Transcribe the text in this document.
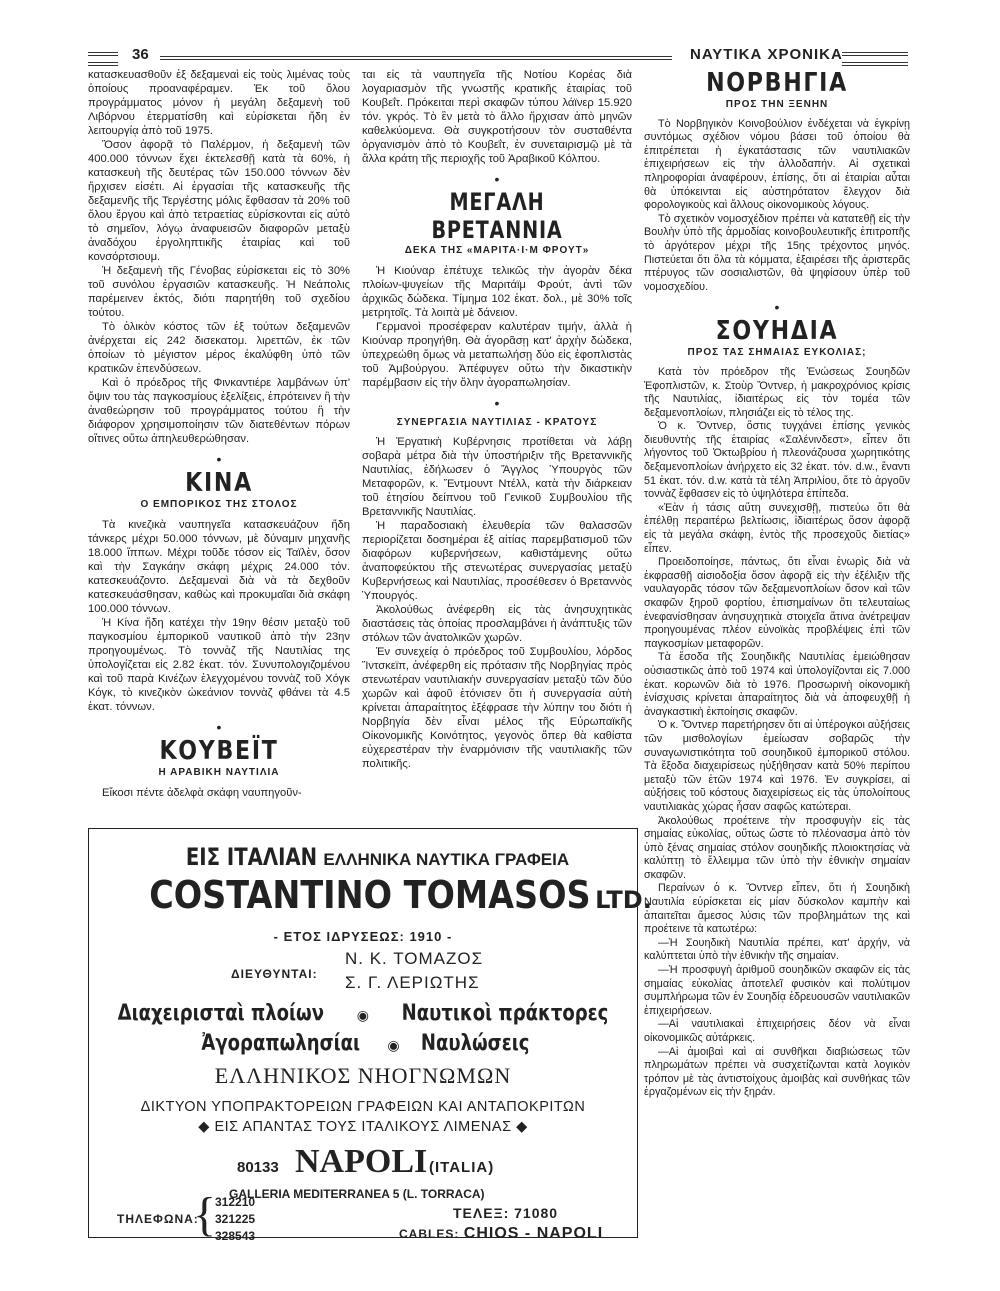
36	ΝΑΥΤΙΚΑ ΧΡΟΝΙΚΑ

κατασκευασθοῦν ἐξ δεξαμεναὶ εἰς τοὺς λιμένας τοὺς ὁποίους προαναφέραμεν. Ἐκ τοῦ ὅλου προγράμματος μόνον ἡ μεγάλη δεξαμενὴ τοῦ Λιβόρνου ἐτερματίσθη καὶ εὑρίσκεται ἤδη ἐν λειτουργίᾳ ἀπὸ τοῦ 1975.

Ὅσον ἀφορᾷ τὸ Παλέρμον, ἡ δεξαμενὴ τῶν 400.000 τόννων ἔχει ἐκτελεσθῇ κατὰ τὰ 60%, ἡ κατασκευὴ τῆς δευτέρας τῶν 150.000 τόννων δὲν ἤρχισεν εἰσέτι. Αἱ ἐργασίαι τῆς κατασκευῆς τῆς δεξαμενῆς τῆς Τεργέστης μόλις ἔφθασαν τὰ 20% τοῦ ὅλου ἔργου καὶ ἀπὸ τετραετίας εὑρίσκονται εἰς αὐτὸ τὸ σημεῖον, λόγῳ ἀναφυεισῶν διαφορῶν μεταξὺ ἀναδόχου ἐργοληπτικῆς ἑταιρίας καὶ τοῦ κονσόρτσιουμ.

Ἡ δεξαμενὴ τῆς Γένοβας εὑρίσκεται εἰς τὸ 30% τοῦ συνόλου ἐργασιῶν κατασκευῆς. Ἡ Νεάπολις παρέμεινεν ἐκτός, διότι παρητήθη τοῦ σχεδίου τούτου.

Τὸ ὁλικὸν κόστος τῶν ἐξ τούτων δεξαμενῶν ἀνέρχεται εἰς 242 δισεκατομ. λιρεττῶν, ἐκ τῶν ὁποίων τὸ μέγιστον μέρος ἐκαλύφθη ὑπὸ τῶν κρατικῶν ἐπενδύσεων.

Καὶ ὁ πρόεδρος τῆς Φινκαντιέρε λαμβάνων ὑπ' ὄψιν του τὰς παγκοσμίους ἐξελίξεις, ἐπρότεινεν ἢ τὴν ἀναθεώρησιν τοῦ προγράμματος τούτου ἢ τὴν διάφορον χρησιμοποίησιν τῶν διατεθέντων πόρων οἵτινες οὕτω ἀπηλευθερώθησαν.

•
ΚΙΝΑ
Ο ΕΜΠΟΡΙΚΟΣ ΤΗΣ ΣΤΟΛΟΣ

Τὰ κινεζικὰ ναυπηγεῖα κατασκευάζουν ἤδη τάνκερς μέχρι 50.000 τόννων, μὲ δύναμιν μηχανῆς 18.000 ἵππων. Μέχρι τοῦδε τόσον εἰς Ταϊλὲν, ὅσον καὶ τὴν Σαγκάην σκάφη μέχρις 24.000 τόν. κατεσκευάζοντο. Δεξαμεναὶ διὰ νὰ τὰ δεχθοῦν κατεσκευάσθησαν, καθὼς καὶ προκυμαῖαι διὰ σκάφη 100.000 τόννων.

Ἡ Κίνα ἤδη κατέχει τὴν 19ην θέσιν μεταξὺ τοῦ παγκοσμίου ἐμπορικοῦ ναυτικοῦ ἀπὸ τὴν 23ην προηγουμένως. Τὸ τοννὰζ τῆς Ναυτιλίας της ὑπολογίζεται εἰς 2.82 ἑκατ. τόν. Συνυπολογιζομένου καὶ τοῦ παρὰ Κινέζων ἐλεγχομένου τοννὰζ τοῦ Χόγκ Κόγκ, τὸ κινεζικὸν ὠκεάνιον τοννὰζ φθάνει τὰ 4.5 ἑκατ. τόννων.

•
ΚΟΥΒΕΪΤ
Η ΑΡΑΒΙΚΗ ΝΑΥΤΙΛΙΑ

Εἴκοσι πέντε ἀδελφὰ σκάφη ναυπηγοῦν-

ται εἰς τὰ ναυπηγεῖα τῆς Νοτίου Κορέας διὰ λογαριασμὸν τῆς γνωστῆς κρατικῆς ἑταιρίας τοῦ Κουβεΐτ. Πρόκειται περὶ σκαφῶν τύπου λάϊνερ 15.920 τόν. γκρός. Τὸ ἓν μετὰ τὸ ἄλλο ἤρχισαν ἀπὸ μηνῶν καθελκύομενα. Θὰ συγκροτήσουν τὸν συσταθέντα ὀργανισμὸν ἀπὸ τὸ Κουβεΐτ, ἐν συνεταιρισμῷ μὲ τὰ ἄλλα κράτη τῆς περιοχῆς τοῦ Ἀραβικοῦ Κόλπου.

•
ΜΕΓΑΛΗ ΒΡΕΤΑΝΝΙΑ
ΔΕΚΑ ΤΗΣ «ΜΑΡΙΤΑ·Ι·Μ ΦΡΟΥΤ»

Ἡ Κιούναρ ἐπέτυχε τελικῶς τὴν ἀγορὰν δέκα πλοίων-ψυγείων τῆς Μαριτάϊμ Φρούτ, ἀντὶ τῶν ἀρχικῶς δώδεκα. Τίμημα 102 ἑκατ. δολ., μὲ 30% τοῖς μετρητοῖς. Τὰ λοιπὰ μὲ δάνειον.

Γερμανοὶ προσέφεραν καλυτέραν τιμήν, ἀλλὰ ἡ Κιούναρ προηγήθη. Θὰ ἀγορᾶσῃ κατ' ἀρχὴν δώδεκα, ὑπεχρεώθη ὅμως νὰ μεταπωλήσῃ δύο εἰς ἐφοπλιστὰς τοῦ Ἀμβούργου. Ἀπέφυγεν οὕτω τὴν δικαστικὴν παρέμβασιν εἰς τὴν ὅλην ἀγοραπωλησίαν.

•
ΣΥΝΕΡΓΑΣΙΑ ΝΑΥΤΙΛΙΑΣ - ΚΡΑΤΟΥΣ

Ἡ Ἐργατικὴ Κυβέρνησις προτίθεται νὰ λάβῃ σοβαρὰ μέτρα διὰ τὴν ὑποστήριξιν τῆς Βρεταννικῆς Ναυτιλίας, ἐδήλωσεν ὁ Ἄγγλος Ὑπουργὸς τῶν Μεταφορῶν, κ. Ἔντμουντ Ντέλλ, κατὰ τὴν διάρκειαν τοῦ ἐτησίου δείπνου τοῦ Γενικοῦ Συμβουλίου τῆς Βρεταννικῆς Ναυτιλίας.

Ἡ παραδοσιακὴ ἐλευθερία τῶν θαλασσῶν περιορίζεται δοσημέραι ἐξ αἰτίας παρεμβατισμοῦ τῶν διαφόρων κυβερνήσεων, καθιστάμενης οὕτω ἀναποφεύκτου τῆς στενωτέρας συνεργασίας μεταξὺ Κυβερνήσεως καὶ Ναυτιλίας, προσέθεσεν ὁ Βρεταννὸς Ὑπουργός.

Ἀκολούθως ἀνέφερθη εἰς τὰς ἀνησυχητικὰς διαστάσεις τὰς ὁποίας προσλαμβάνει ἡ ἀνάπτυξις τῶν στόλων τῶν ἀνατολικῶν χωρῶν.

Ἐν συνεχείᾳ ὁ πρόεδρος τοῦ Συμβουλίου, λόρδος Ἴντσκεϊπ, ἀνέφερθη εἰς πρότασιν τῆς Νορβηγίας πρὸς στενωτέραν ναυτιλιακὴν συνεργασίαν μεταξὺ τῶν δύο χωρῶν καὶ ἀφοῦ ἐτόνισεν ὅτι ἡ συνεργασία αὐτὴ κρίνεται ἀπαραίτητος ἐξέφρασε τὴν λύπην του διότι ἡ Νορβηγία δὲν εἶναι μέλος τῆς Εὐρωπαϊκῆς Οἰκονομικῆς Κοινότητος, γεγονὸς ὅπερ θὰ καθίστα εὐχερεστέραν τὴν ἐναρμόνισιν τῆς ναυτιλιακῆς τῶν πολιτικῆς.

ΝΟΡΒΗΓΙΑ
ΠΡΟΣ ΤΗΝ ΞΕΝΗΝ

Τὸ Νορβηγικὸν Κοινοβούλιον ἐνδέχεται νὰ ἐγκρίνῃ συντόμως σχέδιον νόμου βάσει τοῦ ὁποίου θὰ ἐπιτρέπεται ἡ ἐγκατάστασις τῶν ναυτιλιακῶν ἐπιχειρήσεων εἰς τὴν ἀλλοδαπήν. Αἱ σχετικαὶ πληροφορίαι ἀναφέρουν, ἐπίσης, ὅτι αἱ ἑταιρίαι αὗται θὰ ὑπόκεινται εἰς αὐστηρότατον ἔλεγχον διὰ φορολογικοὺς καὶ ἄλλους οἰκονομικοὺς λόγους.

Τὸ σχετικὸν νομοσχέδιον πρέπει νὰ κατατεθῇ εἰς τὴν Βουλὴν ὑπὸ τῆς ἁρμοδίας κοινοβουλευτικῆς ἐπιτροπῆς τὸ ἀργότερον μέχρι τῆς 15ης τρέχοντος μηνός. Πιστεύεται ὅτι ὅλα τὰ κόμματα, ἐξαιρέσει τῆς ἀριστερᾶς πτέρυγος τῶν σοσιαλιστῶν, θὰ ψηφίσουν ὑπὲρ τοῦ νομοσχεδίου.

•
ΣΟΥΗΔΙΑ
ΠΡΟΣ ΤΑΣ ΣΗΜΑΙΑΣ ΕΥΚΟΛΙΑΣ;

Κατὰ τὸν πρόεδρον τῆς Ἑνώσεως Σουηδῶν Ἐφοπλιστῶν, κ. Στοὺρ Ὄντνερ, ἡ μακροχρόνιος κρίσις τῆς Ναυτιλίας, ἰδιαιτέρως εἰς τὸν τομέα τῶν δεξαμενοπλοίων, πλησιάζει εἰς τὸ τέλος της.

Ὁ κ. Ὄντνερ, ὅστις τυγχάνει ἐπίσης γενικὸς διευθυντὴς τῆς ἑταιρίας «Σαλένινδεστ», εἶπεν ὅτι λήγοντος τοῦ Ὀκτωβρίου ἡ πλεονάζουσα χωρητικότης δεξαμενοπλοίων ἀνήρχετο εἰς 32 ἑκατ. τόν. d.w., ἔναντι 51 ἑκατ. τόν. d.w. κατὰ τὰ τέλη Ἀπριλίου, ὅτε τὸ ἀργοῦν τοννὰζ ἔφθασεν εἰς τὸ ὑψηλότερα ἐπίπεδα.

«Ἐὰν ἡ τάσις αὕτη συνεχισθῇ, πιστεύω ὅτι θὰ ἐπέλθῃ περαιτέρω βελτίωσις, ἰδιαιτέρως ὅσον ἀφορᾷ εἰς τὰ μεγάλα σκάφη, ἐντὸς τῆς προσεχοῦς διετίας» εἶπεν.

Προειδοποίησε, πάντως, ὅτι εἶναι ἐνωρὶς διὰ νὰ ἐκφρασθῇ αἰσιοδοξία ὅσον ἀφορᾷ εἰς τὴν ἐξέλιξιν τῆς ναυλαγορᾶς τόσον τῶν δεξαμενοπλοίων ὅσον καὶ τῶν σκαφῶν ξηροῦ φορτίου, ἐπισημαίνων ὅτι τελευταίως ἐνεφανίσθησαν ἀνησυχητικὰ στοιχεῖα ἅτινα ἀνέτρεψαν προηγουμένας πλέον εὐνοϊκὰς προβλέψεις ἐπὶ τῶν παγκοσμίων μεταφορῶν.

Τὰ ἔσοδα τῆς Σουηδικῆς Ναυτιλίας ἐμειώθησαν οὐσιαστικῶς ἀπὸ τοῦ 1974 καὶ ὑπολογίζονται εἰς 7.000 ἑκατ. κορωνῶν διὰ τὸ 1976. Προσωρινὴ οἰκονομικὴ ἐνίσχυσις κρίνεται ἀπαραίτητος διὰ νὰ ἀποφευχθῇ ἡ ἀναγκαστικὴ ἐκποίησις σκαφῶν.

Ὁ κ. Ὄντνερ παρετήρησεν ὅτι αἱ ὑπέρογκοι αὐξήσεις τῶν μισθολογίων ἐμείωσαν σοβαρῶς τὴν συναγωνιστικότητα τοῦ σουηδικοῦ ἐμπορικοῦ στόλου. Τὰ ἔξοδα διαχειρίσεως ηὐξήθησαν κατὰ 50% περίπου μεταξὺ τῶν ἐτῶν 1974 καὶ 1976. Ἐν συγκρίσει, αἱ αὐξήσεις τοῦ κόστους διαχειρίσεως εἰς τὰς ὑπολοίπους ναυτιλιακὰς χώρας ἦσαν σαφῶς κατώτεραι.

Ἀκολούθως προέτεινε τὴν προσφυγὴν εἰς τὰς σημαίας εὐκολίας, οὕτως ὥστε τὸ πλέονασμα ἀπὸ τὸν ὑπὸ ξένας σημαίας στόλον σουηδικῆς πλοιοκτησίας νὰ καλύπτῃ τὸ ἔλλειμμα τῶν ὑπὸ τὴν ἐθνικὴν σημαίαν σκαφῶν.

Περαίνων ὁ κ. Ὄντνερ εἶπεν, ὅτι ἡ Σουηδικὴ Ναυτιλία εὑρίσκεται εἰς μίαν δύσκολον καμπὴν καὶ ἀπαιτεῖται ἄμεσος λύσις τῶν προβλημάτων της καὶ προέτεινε τὰ κατωτέρω:

—Ἡ Σουηδικὴ Ναυτιλία πρέπει, κατ' ἀρχήν, νὰ καλύπτεται ὑπὸ τὴν ἐθνικὴν τῆς σημαίαν.

—Ἡ προσφυγὴ ἀριθμοῦ σουηδικῶν σκαφῶν εἰς τὰς σημαίας εὐκολίας ἀποτελεῖ φυσικὸν καὶ πολύτιμον συμπλήρωμα τῶν ἐν Σουηδίᾳ ἑδρευουσῶν ναυτιλιακῶν ἐπιχειρήσεων.

—Αἱ ναυτιλιακαὶ ἐπιχειρήσεις δέον νὰ εἶναι οἰκονομικῶς αὐτάρκεις.

—Αἱ ἀμοιβαὶ καὶ αἱ συνθῆκαι διαβιώσεως τῶν πληρωμάτων πρέπει νὰ συσχετίζωνται κατὰ λογικὸν τρόπον μὲ τὰς ἀντιστοίχους ἀμοιβὰς καὶ συνθήκας τῶν ἐργαζομένων εἰς τὴν ξηράν.

ΕΙΣ ΙΤΑΛΙΑΝ ΕΛΛΗΝΙΚΑ ΝΑΥΤΙΚΑ ΓΡΑΦΕΙΑ
COSTANTINO TOMASOS LTD.
- ΕΤΟΣ ΙΔΡΥΣΕΩΣ: 1910 -
ΔΙΕΥΘΥΝΤΑΙ:
Ν. Κ. ΤΟΜΑΖΟΣ
Σ. Γ. ΛΕΡΙΩΤΗΣ
Διαχειρισταὶ πλοίων ◉ Ναυτικοὶ πράκτορες
Ἀγοραπωλησίαι ◉ Ναυλώσεις
ΕΛΛΗΝΙΚΟΣ ΝΗΟΓΝΩΜΩΝ
ΔΙΚΤΥΟΝ ΥΠΟΠΡΑΚΤΟΡΕΙΩΝ ΓΡΑΦΕΙΩΝ ΚΑΙ ΑΝΤΑΠΟΚΡΙΤΩΝ
◆ ΕΙΣ ΑΠΑΝΤΑΣ ΤΟΥΣ ΙΤΑΛΙΚΟΥΣ ΛΙΜΕΝΑΣ ◆
80133 NAPOLI (ITALIA)
GALLERIA MEDITERRANEA 5 (L. TORRACA)
ΤΗΛΕΦΩΝΑ:
{
312210
321225
328543
ΤΕΛΕΞ: 71080
CABLES: CHIOS - NAPOLI
